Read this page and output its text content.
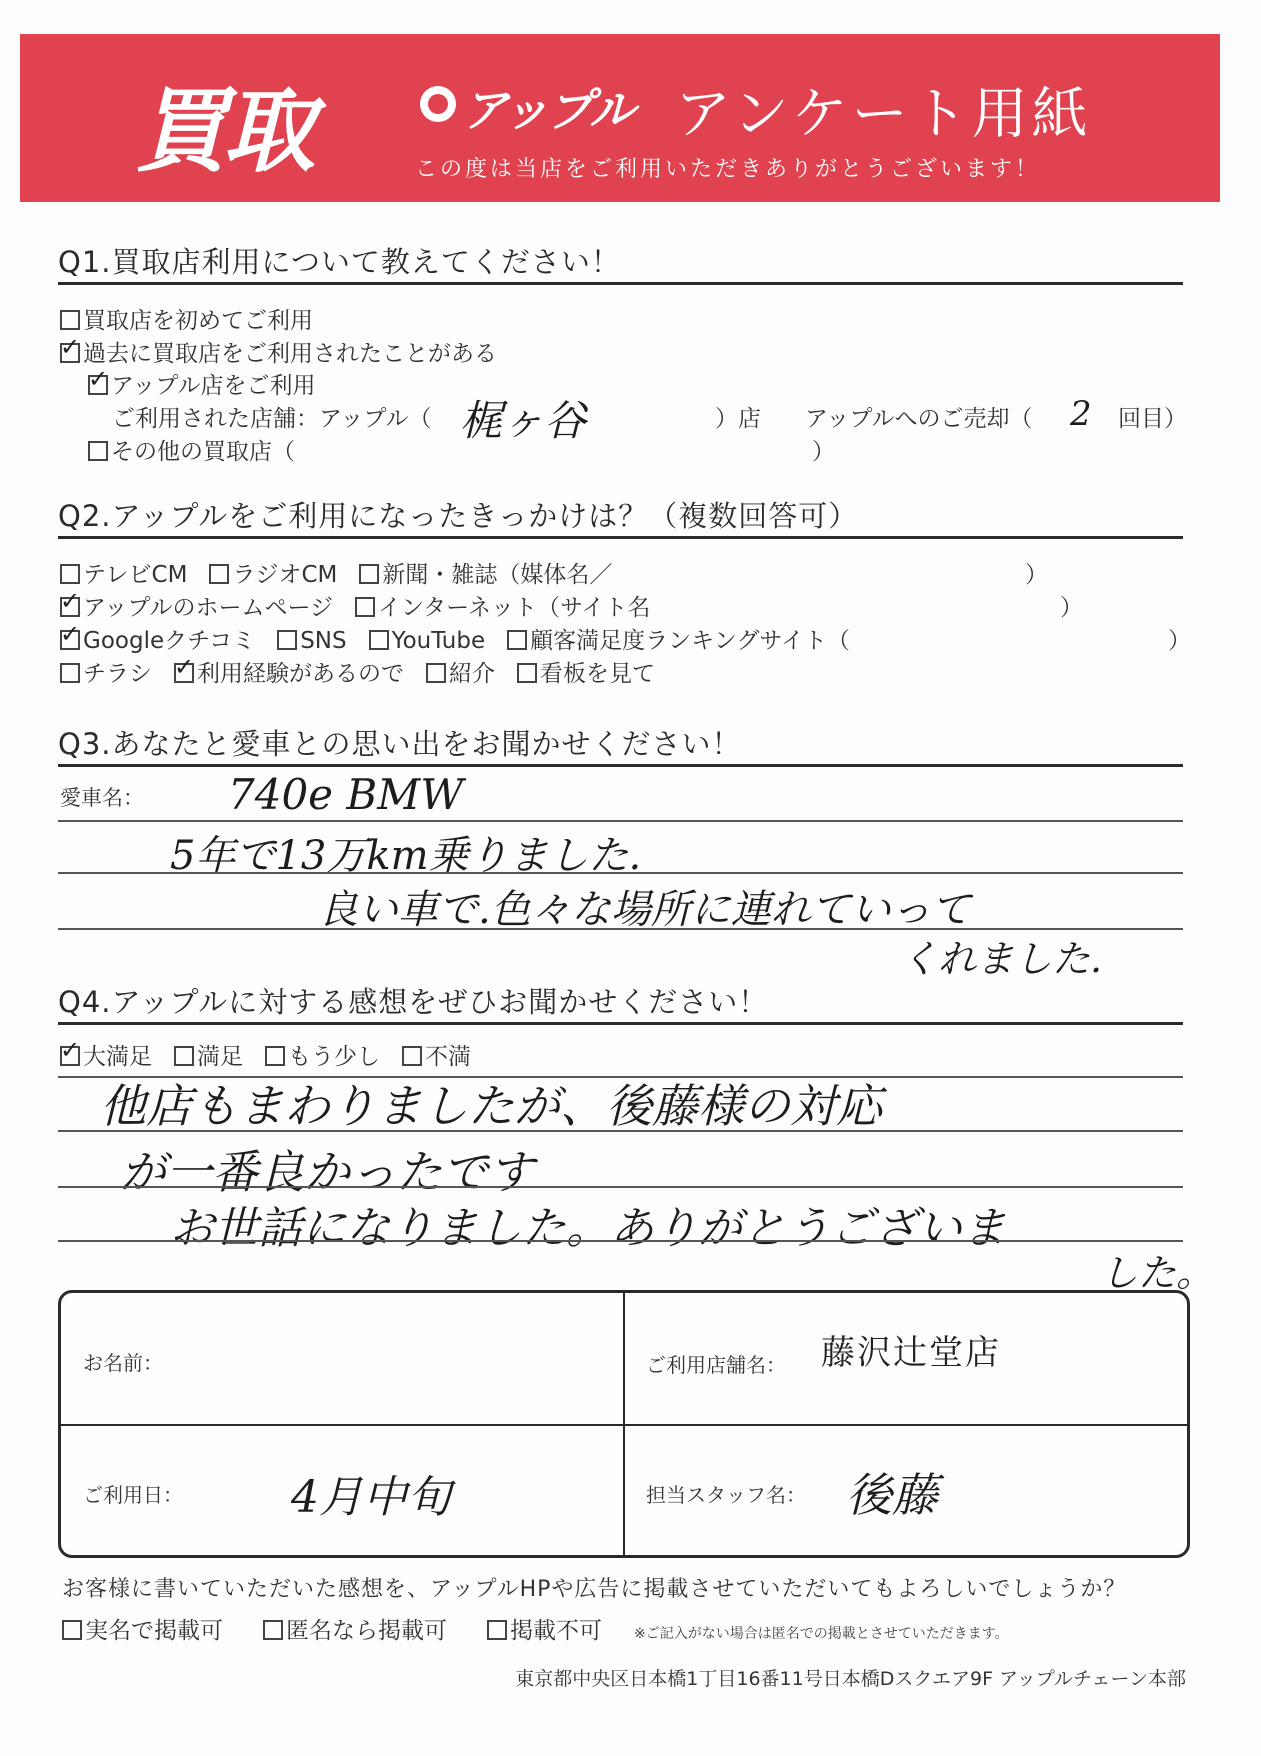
買取	アップル アンケート用紙
この度は当店をご利用いただきありがとうございます！
Q1.買取店利用について教えてください！
買取店を初めてご利用
✓過去に買取店をご利用されたことがある
✓アップル店をご利用
ご利用された店舗：アップル（ 梶ヶ谷	）店 アップルへのご売却（ 2 回目）
その他の買取店（	）
Q2.アップルをご利用になったきっかけは？（複数回答可）
テレビCM ラジオCM 新聞・雑誌（媒体名／	）
✓アップルのホームページ インターネット（サイト名	）
✓Googleクチコミ SNS YouTube 顧客満足度ランキングサイト（	）
チラシ✓ 利用経験があるので 紹介 看板を見て
Q3.あなたと愛車との思い出をお聞かせください！
愛車名： 740e BMW
5年で13万km乗りました.
良い車で.色々な場所に連れていって
くれました.
Q4.アップルに対する感想をぜひお聞かせください！
✓大満足 満足 もう少し 不満
他店もまわりましたが、後藤様の対応
が一番良かったです
お世話になりました。ありがとうございま
した。
お名前：	ご利用店舗名： 藤沢辻堂店
ご利用日： 4月中旬	担当スタッフ名： 後藤
お客様に書いていただいた感想を、アップルHPや広告に掲載させていただいてもよろしいでしょうか？
実名で掲載可	匿名なら掲載可	掲載不可 ※ご記入がない場合は匿名での掲載とさせていただきます。
東京都中央区日本橋1丁目16番11号日本橋Dスクエア9F アップルチェーン本部
